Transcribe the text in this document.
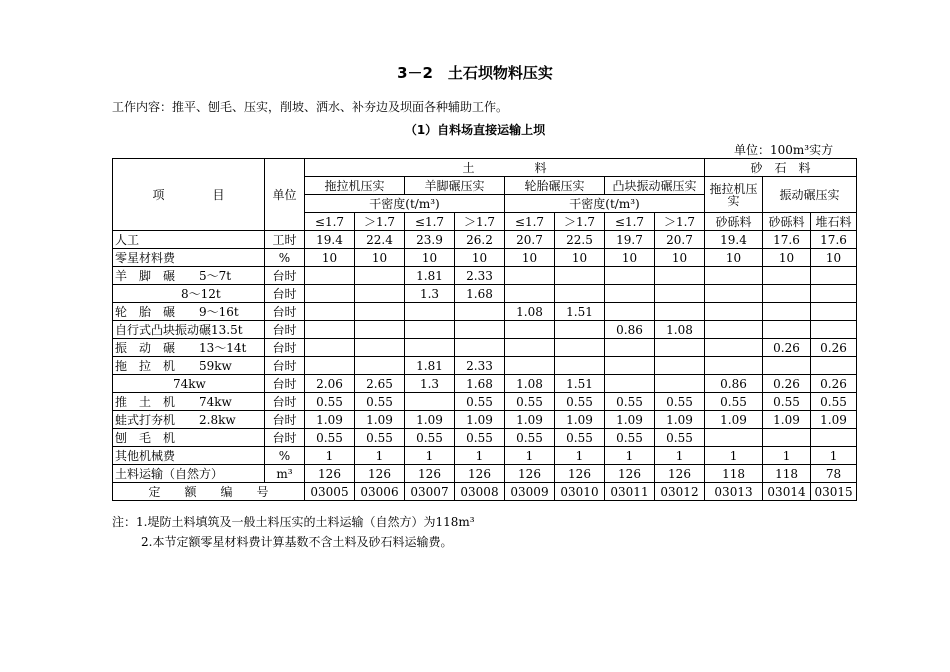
3－2　土石坝物料压实
工作内容：推平、刨毛、压实，削坡、洒水、补夯边及坝面各种辅助工作。
（1）自料场直接运输上坝
单位：100m³实方
项　　　　目	单位	土　　　　　料								砂　石　料		
		拖拉机压实		羊脚碾压实		轮胎碾压实		凸块振动碾压实		拖拉机压实	振动碾压实	
		干密度(t/m³)				干密度(t/m³)						
		≤1.7	＞1.7	≤1.7	＞1.7	≤1.7	＞1.7	≤1.7	＞1.7	砂砾料	砂砾料	堆石料
人工	工时	19.4	22.4	23.9	26.2	20.7	22.5	19.7	20.7	19.4	17.6	17.6
零星材料费	%	10	10	10	10	10	10	10	10	10	10	10
羊　脚　碾　　5～7t	台时			1.81	2.33							
8～12t	台时			1.3	1.68							
轮　胎　碾　　9～16t	台时					1.08	1.51					
自行式凸块振动碾13.5t	台时							0.86	1.08			
振　动　碾　　13～14t	台时										0.26	0.26
拖　拉　机　　59kw	台时			1.81	2.33							
74kw	台时	2.06	2.65	1.3	1.68	1.08	1.51			0.86	0.26	0.26
推　土　机　　74kw	台时	0.55	0.55		0.55	0.55	0.55	0.55	0.55	0.55	0.55	0.55
蛙式打夯机　　2.8kw	台时	1.09	1.09	1.09	1.09	1.09	1.09	1.09	1.09	1.09	1.09	1.09
刨　毛　机	台时	0.55	0.55	0.55	0.55	0.55	0.55	0.55	0.55			
其他机械费	%	1	1	1	1	1	1	1	1	1	1	1
土料运输（自然方）	m³	126	126	126	126	126	126	126	126	118	118	78
定　　额　　编　　号		03005	03006	03007	03008	03009	03010	03011	03012	03013	03014	03015
注：1.堤防土料填筑及一般土料压实的土料运输（自然方）为118m³
2.本节定额零星材料费计算基数不含土料及砂石料运输费。
